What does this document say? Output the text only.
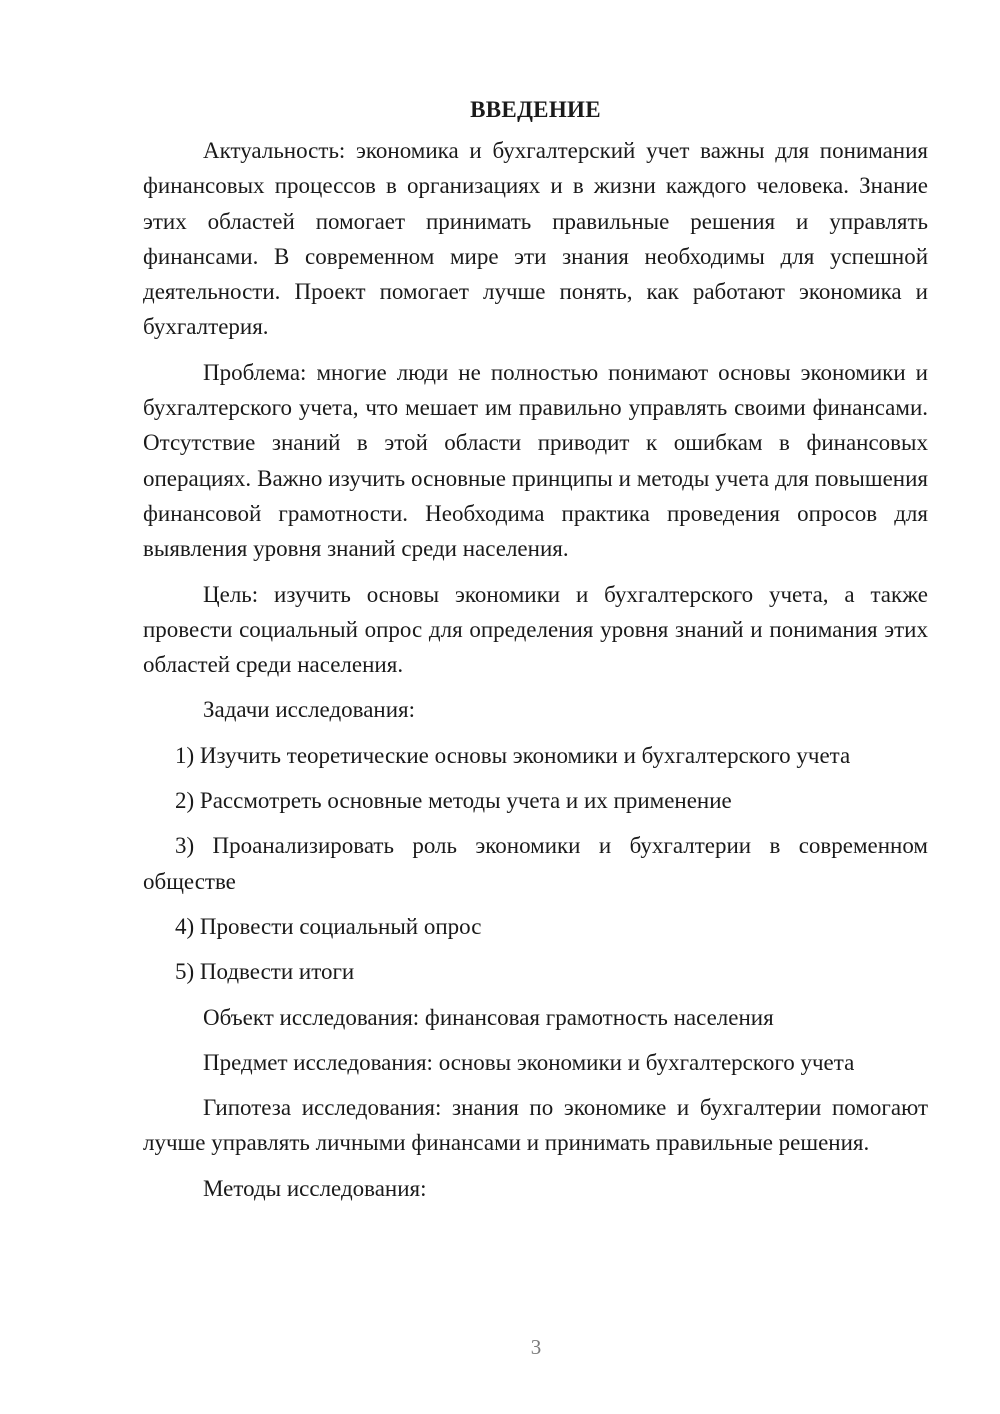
ВВЕДЕНИЕ

Актуальность: экономика и бухгалтерский учет важны для понимания финансовых процессов в организациях и в жизни каждого человека. Знание этих областей помогает принимать правильные решения и управлять финансами. В современном мире эти знания необходимы для успешной деятельности. Проект помогает лучше понять, как работают экономика и бухгалтерия.

Проблема: многие люди не полностью понимают основы экономики и бухгалтерского учета, что мешает им правильно управлять своими финансами. Отсутствие знаний в этой области приводит к ошибкам в финансовых операциях. Важно изучить основные принципы и методы учета для повышения финансовой грамотности. Необходима практика проведения опросов для выявления уровня знаний среди населения.

Цель: изучить основы экономики и бухгалтерского учета, а также провести социальный опрос для определения уровня знаний и понимания этих областей среди населения.

Задачи исследования:

1) Изучить теоретические основы экономики и бухгалтерского учета

2) Рассмотреть основные методы учета и их применение

3) Проанализировать роль экономики и бухгалтерии в современном обществе

4) Провести социальный опрос

5) Подвести итоги

Объект исследования: финансовая грамотность населения

Предмет исследования: основы экономики и бухгалтерского учета

Гипотеза исследования: знания по экономике и бухгалтерии помогают лучше управлять личными финансами и принимать правильные решения.

Методы исследования:

3
